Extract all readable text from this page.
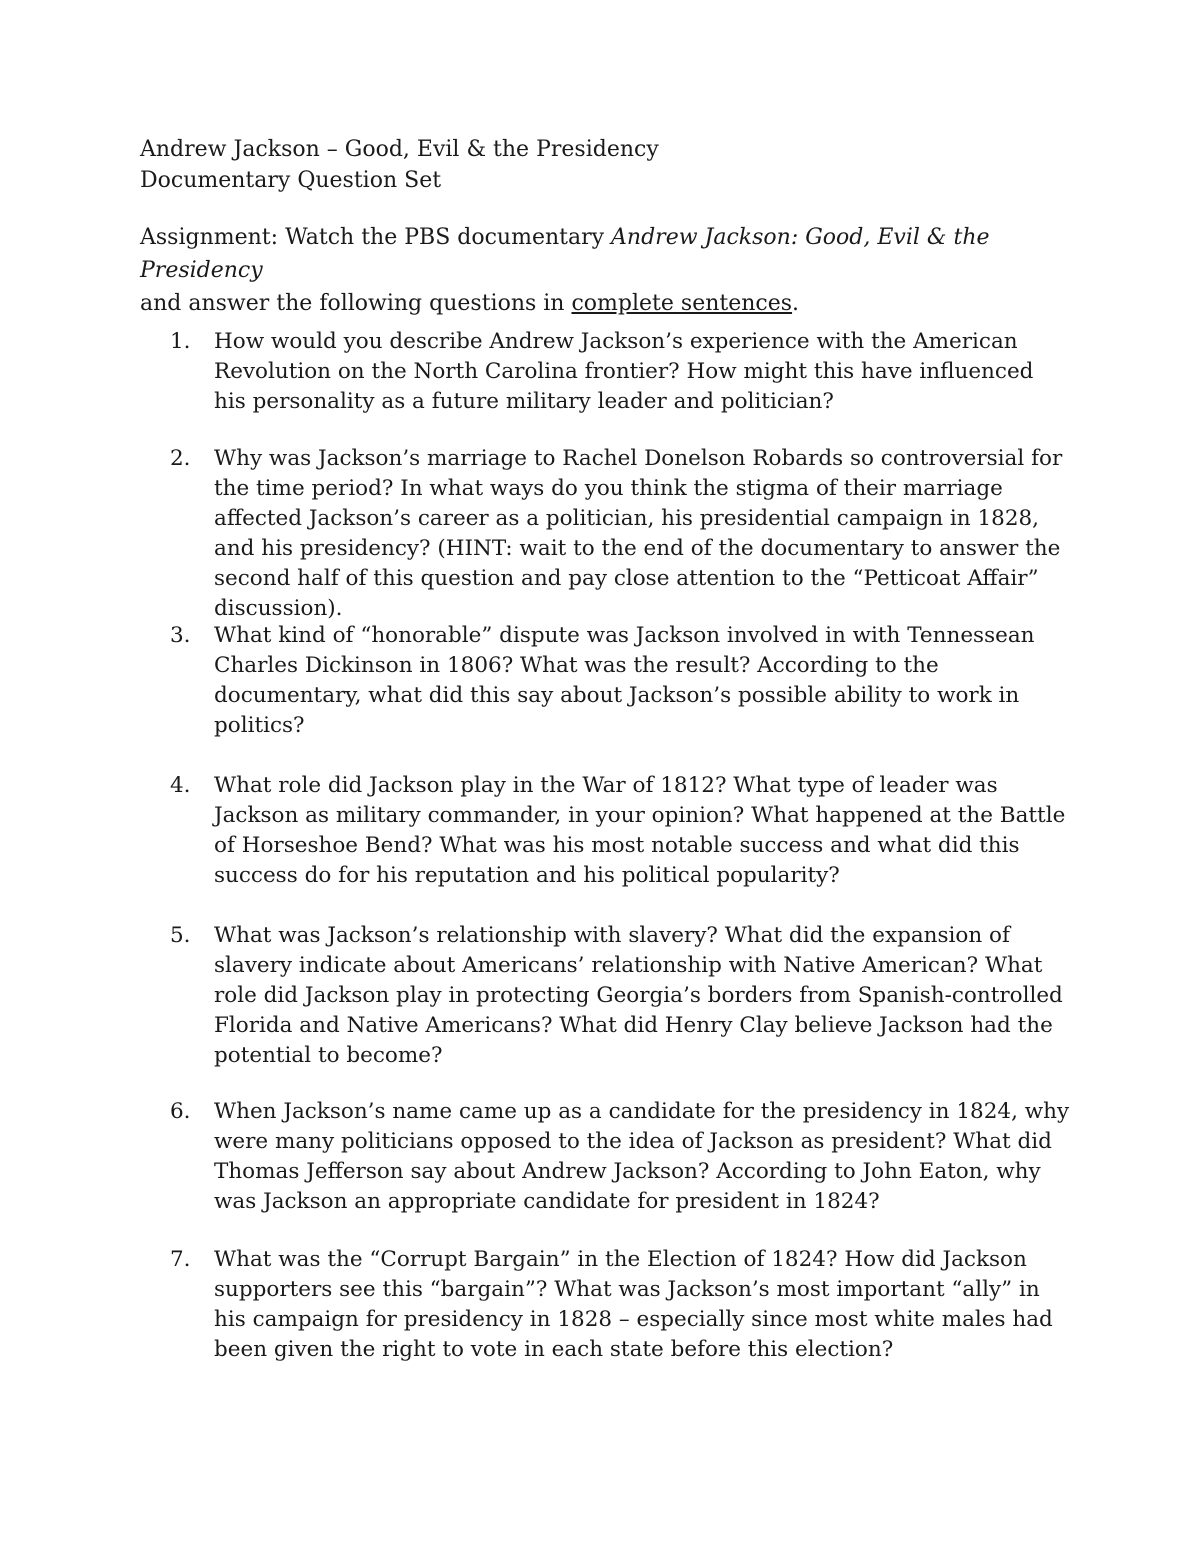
Andrew Jackson – Good, Evil & the Presidency
Documentary Question Set
Assignment: Watch the PBS documentary Andrew Jackson: Good, Evil & the Presidency
and answer the following questions in complete sentences.
1.	How would you describe Andrew Jackson’s experience with the American Revolution on the North Carolina frontier? How might this have influenced his personality as a future military leader and politician?
2.	Why was Jackson’s marriage to Rachel Donelson Robards so controversial for the time period? In what ways do you think the stigma of their marriage affected Jackson’s career as a politician, his presidential campaign in 1828, and his presidency? (HINT: wait to the end of the documentary to answer the second half of this question and pay close attention to the “Petticoat Affair” discussion).
3.	What kind of “honorable” dispute was Jackson involved in with Tennessean Charles Dickinson in 1806? What was the result? According to the documentary, what did this say about Jackson’s possible ability to work in politics?
4.	What role did Jackson play in the War of 1812? What type of leader was Jackson as military commander, in your opinion? What happened at the Battle of Horseshoe Bend? What was his most notable success and what did this success do for his reputation and his political popularity?
5.	What was Jackson’s relationship with slavery? What did the expansion of slavery indicate about Americans’ relationship with Native American? What role did Jackson play in protecting Georgia’s borders from Spanish-controlled Florida and Native Americans? What did Henry Clay believe Jackson had the potential to become?
6.	When Jackson’s name came up as a candidate for the presidency in 1824, why were many politicians opposed to the idea of Jackson as president? What did Thomas Jefferson say about Andrew Jackson? According to John Eaton, why was Jackson an appropriate candidate for president in 1824?
7.	What was the “Corrupt Bargain” in the Election of 1824? How did Jackson supporters see this “bargain”? What was Jackson’s most important “ally” in his campaign for presidency in 1828 – especially since most white males had been given the right to vote in each state before this election?
